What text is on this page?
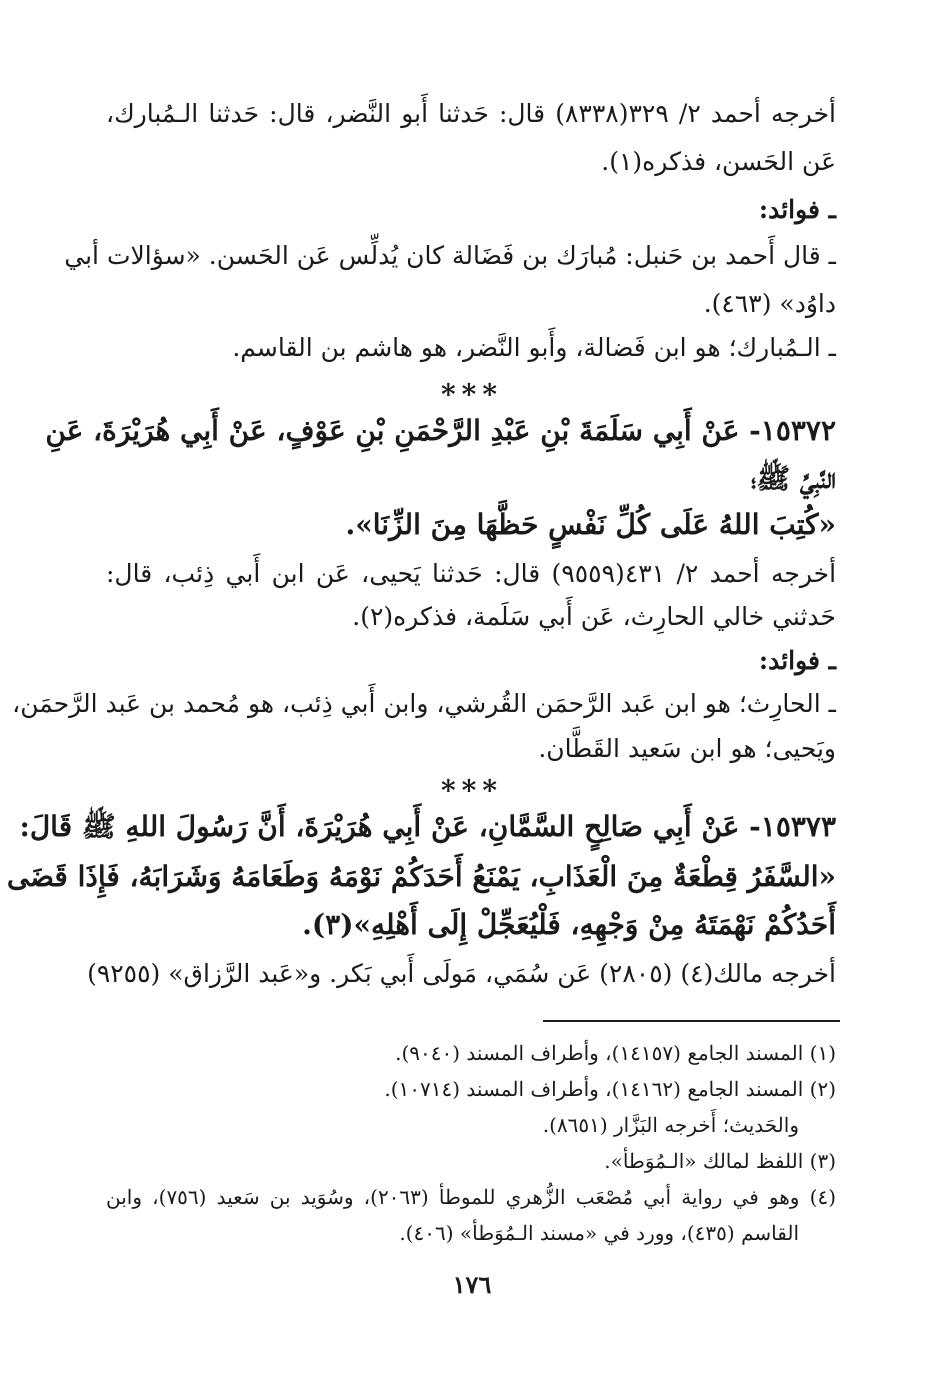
أخرجه أحمد ٢/ ٣٢٩(٨٣٣٨) قال: حَدثنا أَبو النَّضر، قال: حَدثنا الـمُبارك،
عَن الحَسن، فذكره(١).
ـ فوائد:
ـ قال أَحمد بن حَنبل: مُبارَك بن فَضَالة كان يُدلِّس عَن الحَسن. «سؤالات أبي
داوُد» (٤٦٣).
ـ الـمُبارك؛ هو ابن فَضالة، وأَبو النَّضر، هو هاشم بن القاسم.
***
١٥٣٧٢- عَنْ أَبِي سَلَمَةَ بْنِ عَبْدِ الرَّحْمَنِ بْنِ عَوْفٍ، عَنْ أَبِي هُرَيْرَةَ، عَنِ
النَّبِيِّ ﷺ؛
«كُتِبَ اللهُ عَلَى كُلِّ نَفْسٍ حَظَّهَا مِنَ الزِّنَا».
أخرجه أحمد ٢/ ٤٣١(٩٥٥٩) قال: حَدثنا يَحيى، عَن ابن أَبي ذِئب، قال:
حَدثني خالي الحارِث، عَن أَبي سَلَمة، فذكره(٢).
ـ فوائد:
ـ الحارِث؛ هو ابن عَبد الرَّحمَن القُرشي، وابن أَبي ذِئب، هو مُحمد بن عَبد الرَّحمَن،
ويَحيى؛ هو ابن سَعيد القَطَّان.
***
١٥٣٧٣- عَنْ أَبِي صَالِحٍ السَّمَّانِ، عَنْ أَبِي هُرَيْرَةَ، أَنَّ رَسُولَ اللهِ ﷺ قَالَ:
«السَّفَرُ قِطْعَةٌ مِنَ الْعَذَابِ، يَمْنَعُ أَحَدَكُمْ نَوْمَهُ وَطَعَامَهُ وَشَرَابَهُ، فَإِذَا قَضَى
أَحَدُكُمْ نَهْمَتَهُ مِنْ وَجْهِهِ، فَلْيُعَجِّلْ إِلَى أَهْلِهِ»(٣).
أخرجه مالك(٤) (٢٨٠٥) عَن سُمَي، مَولَى أَبي بَكر. و«عَبد الرَّزاق» (٩٢٥٥)
(١) المسند الجامع (١٤١٥٧)، وأطراف المسند (٩٠٤٠).
(٢) المسند الجامع (١٤١٦٢)، وأطراف المسند (١٠٧١٤).
والحَديث؛ أَخرجه البَزَّار (٨٦٥١).
(٣) اللفظ لمالك «الـمُوَطأ».
(٤) وهو في رواية أبي مُصْعَب الزُّهري للموطأ (٢٠٦٣)، وسُوَيد بن سَعيد (٧٥٦)، وابن
القاسم (٤٣٥)، وورد في «مسند الـمُوَطأ» (٤٠٦).
١٧٦
